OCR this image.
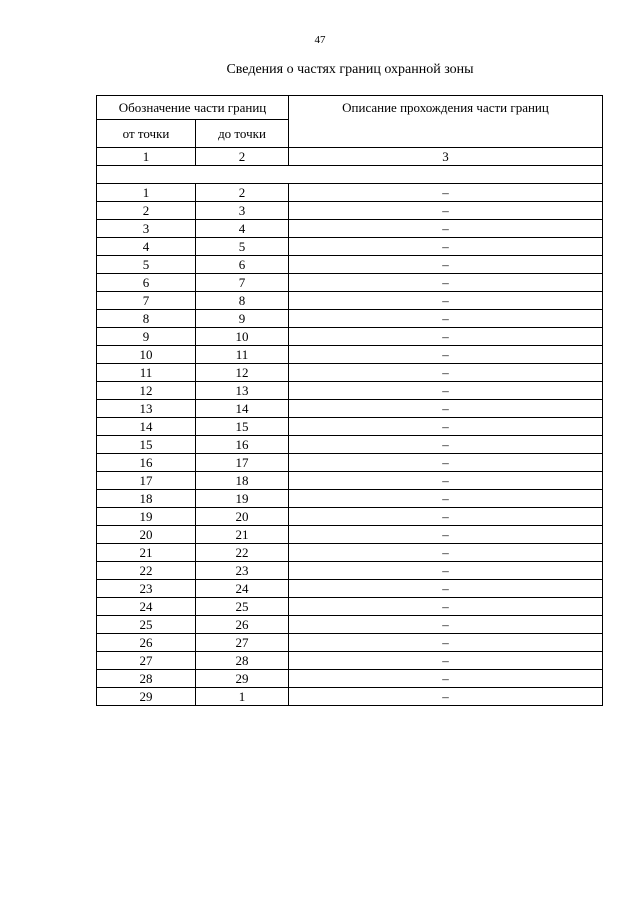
47
Сведения о частях границ охранной зоны
Обозначение части границ		Описание прохождения части границ
от точки	до точки	
1	2	3

1	2	–
2	3	–
3	4	–
4	5	–
5	6	–
6	7	–
7	8	–
8	9	–
9	10	–
10	11	–
11	12	–
12	13	–
13	14	–
14	15	–
15	16	–
16	17	–
17	18	–
18	19	–
19	20	–
20	21	–
21	22	–
22	23	–
23	24	–
24	25	–
25	26	–
26	27	–
27	28	–
28	29	–
29	1	–
